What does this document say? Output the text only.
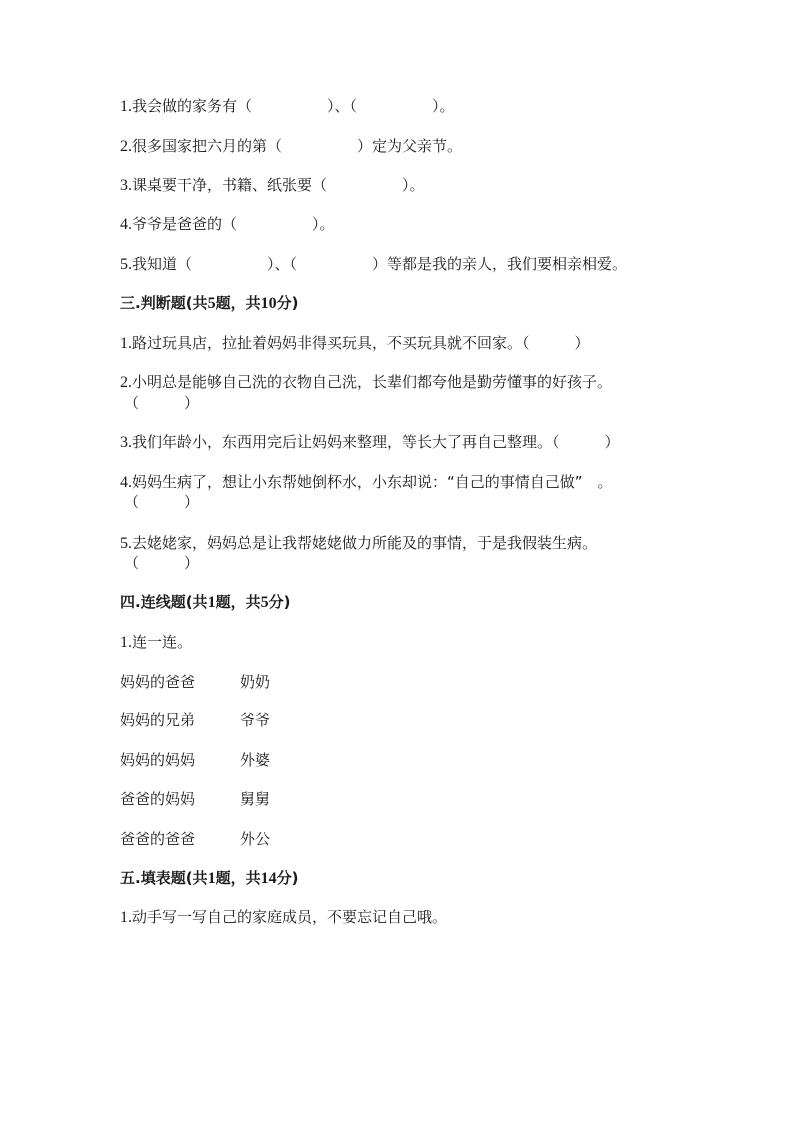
1.我会做的家务有（　　　　　）、（　　　　　）。
2.很多国家把六月的第（　　　　　）定为父亲节。
3.课桌要干净，书籍、纸张要（　　　　　）。
4.爷爷是爸爸的（　　　　　）。
5.我知道（　　　　　）、（　　　　　）等都是我的亲人，我们要相亲相爱。
三.判断题(共5题，共10分)
1.路过玩具店，拉扯着妈妈非得买玩具，不买玩具就不回家。（　　　）
2.小明总是能够自己洗的衣物自己洗，长辈们都夸他是勤劳懂事的好孩子。
（　　　）
3.我们年龄小，东西用完后让妈妈来整理，等长大了再自己整理。（　　　）
4.妈妈生病了，想让小东帮她倒杯水，小东却说：“自己的事情自己做”　。
（　　　）
5.去姥姥家，妈妈总是让我帮姥姥做力所能及的事情，于是我假装生病。
（　　　）
四.连线题(共1题，共5分)
1.连一连。
妈妈的爸爸	奶奶
妈妈的兄弟	爷爷
妈妈的妈妈	外婆
爸爸的妈妈	舅舅
爸爸的爸爸	外公
五.填表题(共1题，共14分)
1.动手写一写自己的家庭成员，不要忘记自己哦。
